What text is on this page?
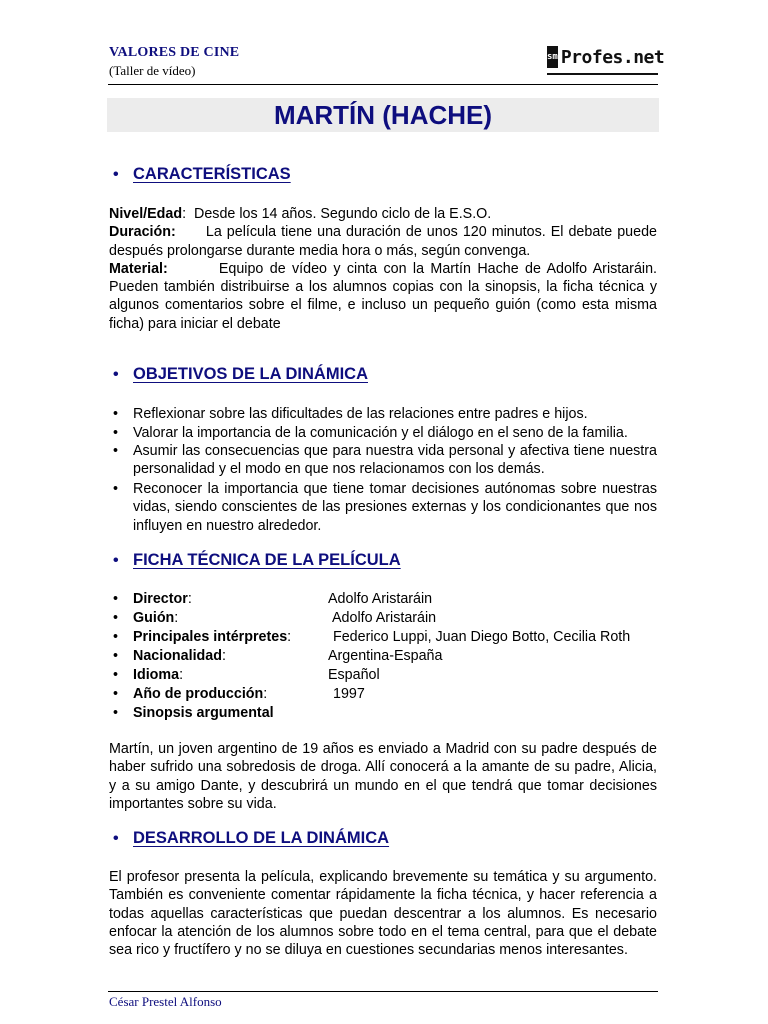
VALORES DE CINE
(Taller de vídeo)
sm Profes.net
MARTÍN (HACHE)
• CARACTERÍSTICAS
Nivel/Edad:  Desde los 14 años. Segundo ciclo de la E.S.O.
Duración: La película tiene una duración de unos 120 minutos. El debate puede después prolongarse durante media hora o más, según convenga.
Material:	Equipo de vídeo y cinta con la Martín Hache de Adolfo Aristaráin. Pueden también distribuirse a los alumnos copias con la sinopsis, la ficha técnica y algunos comentarios sobre el filme, e incluso un pequeño guión (como esta misma ficha) para iniciar el debate
• OBJETIVOS DE LA DINÁMICA
•	Reflexionar sobre las dificultades de las relaciones entre padres e hijos.
•	Valorar la importancia de la comunicación y el diálogo en el seno de la familia.
•	Asumir las consecuencias que para nuestra vida personal y afectiva tiene nuestra personalidad y el modo en que nos relacionamos con los demás.
•	Reconocer la importancia que tiene tomar decisiones autónomas sobre nuestras vidas, siendo conscientes de las presiones externas y los condicionantes que nos influyen en nuestro alrededor.
• FICHA TÉCNICA DE LA PELÍCULA
• Director:	Adolfo Aristaráin
• Guión:	Adolfo Aristaráin
• Principales intérpretes:	Federico Luppi, Juan Diego Botto, Cecilia Roth
• Nacionalidad:	Argentina-España
• Idioma:	Español
• Año de producción:	1997
• Sinopsis argumental
Martín, un joven argentino de 19 años es enviado a Madrid con su padre después de haber sufrido una sobredosis de droga. Allí conocerá a la amante de su padre, Alicia, y a su amigo Dante, y descubrirá un mundo en el que tendrá que tomar decisiones importantes sobre su vida.
• DESARROLLO DE LA DINÁMICA
El profesor presenta la película, explicando brevemente su temática y su argumento. También es conveniente comentar rápidamente la ficha técnica, y hacer referencia a todas aquellas características que puedan descentrar a los alumnos. Es necesario enfocar la atención de los alumnos sobre todo en el tema central, para que el debate sea rico y fructífero y no se diluya en cuestiones secundarias menos interesantes.
César Prestel Alfonso
